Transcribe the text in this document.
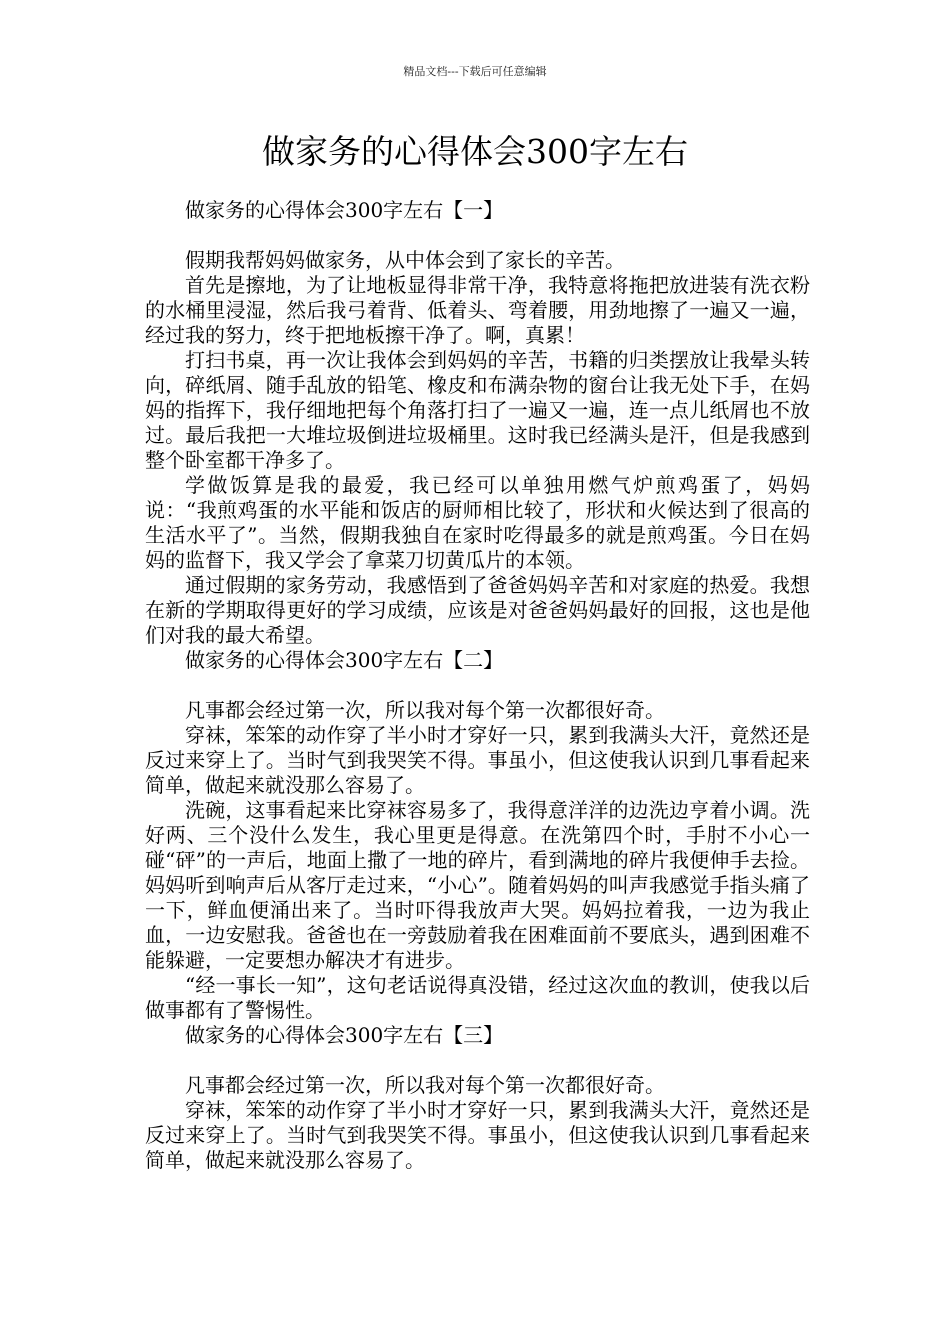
精品文档---下载后可任意编辑
做家务的心得体会300字左右

做家务的心得体会300字左右【一】

假期我帮妈妈做家务，从中体会到了家长的辛苦。

首先是擦地，为了让地板显得非常干净，我特意将拖把放进装有洗衣粉的水桶里浸湿，然后我弓着背、低着头、弯着腰，用劲地擦了一遍又一遍，经过我的努力，终于把地板擦干净了。啊，真累！

打扫书桌，再一次让我体会到妈妈的辛苦，书籍的归类摆放让我晕头转向，碎纸屑、随手乱放的铅笔、橡皮和布满杂物的窗台让我无处下手，在妈妈的指挥下，我仔细地把每个角落打扫了一遍又一遍，连一点儿纸屑也不放过。最后我把一大堆垃圾倒进垃圾桶里。这时我已经满头是汗，但是我感到整个卧室都干净多了。

学做饭算是我的最爱，我已经可以单独用燃气炉煎鸡蛋了，妈妈说：“我煎鸡蛋的水平能和饭店的厨师相比较了，形状和火候达到了很高的生活水平了”。当然，假期我独自在家时吃得最多的就是煎鸡蛋。今日在妈妈的监督下，我又学会了拿菜刀切黄瓜片的本领。

通过假期的家务劳动，我感悟到了爸爸妈妈辛苦和对家庭的热爱。我想在新的学期取得更好的学习成绩，应该是对爸爸妈妈最好的回报，这也是他们对我的最大希望。

做家务的心得体会300字左右【二】

凡事都会经过第一次，所以我对每个第一次都很好奇。

穿袜，笨笨的动作穿了半小时才穿好一只，累到我满头大汗，竟然还是反过来穿上了。当时气到我哭笑不得。事虽小，但这使我认识到几事看起来简单，做起来就没那么容易了。

洗碗，这事看起来比穿袜容易多了，我得意洋洋的边洗边亨着小调。洗好两、三个没什么发生，我心里更是得意。在洗第四个时，手肘不小心一碰“砰”的一声后，地面上撒了一地的碎片，看到满地的碎片我便伸手去捡。妈妈听到响声后从客厅走过来，“小心”。随着妈妈的叫声我感觉手指头痛了一下，鲜血便涌出来了。当时吓得我放声大哭。妈妈拉着我，一边为我止血，一边安慰我。爸爸也在一旁鼓励着我在困难面前不要底头，遇到困难不能躲避，一定要想办解决才有进步。

“经一事长一知”，这句老话说得真没错，经过这次血的教训，使我以后做事都有了警惕性。

做家务的心得体会300字左右【三】

凡事都会经过第一次，所以我对每个第一次都很好奇。

穿袜，笨笨的动作穿了半小时才穿好一只，累到我满头大汗，竟然还是反过来穿上了。当时气到我哭笑不得。事虽小，但这使我认识到几事看起来简单，做起来就没那么容易了。
